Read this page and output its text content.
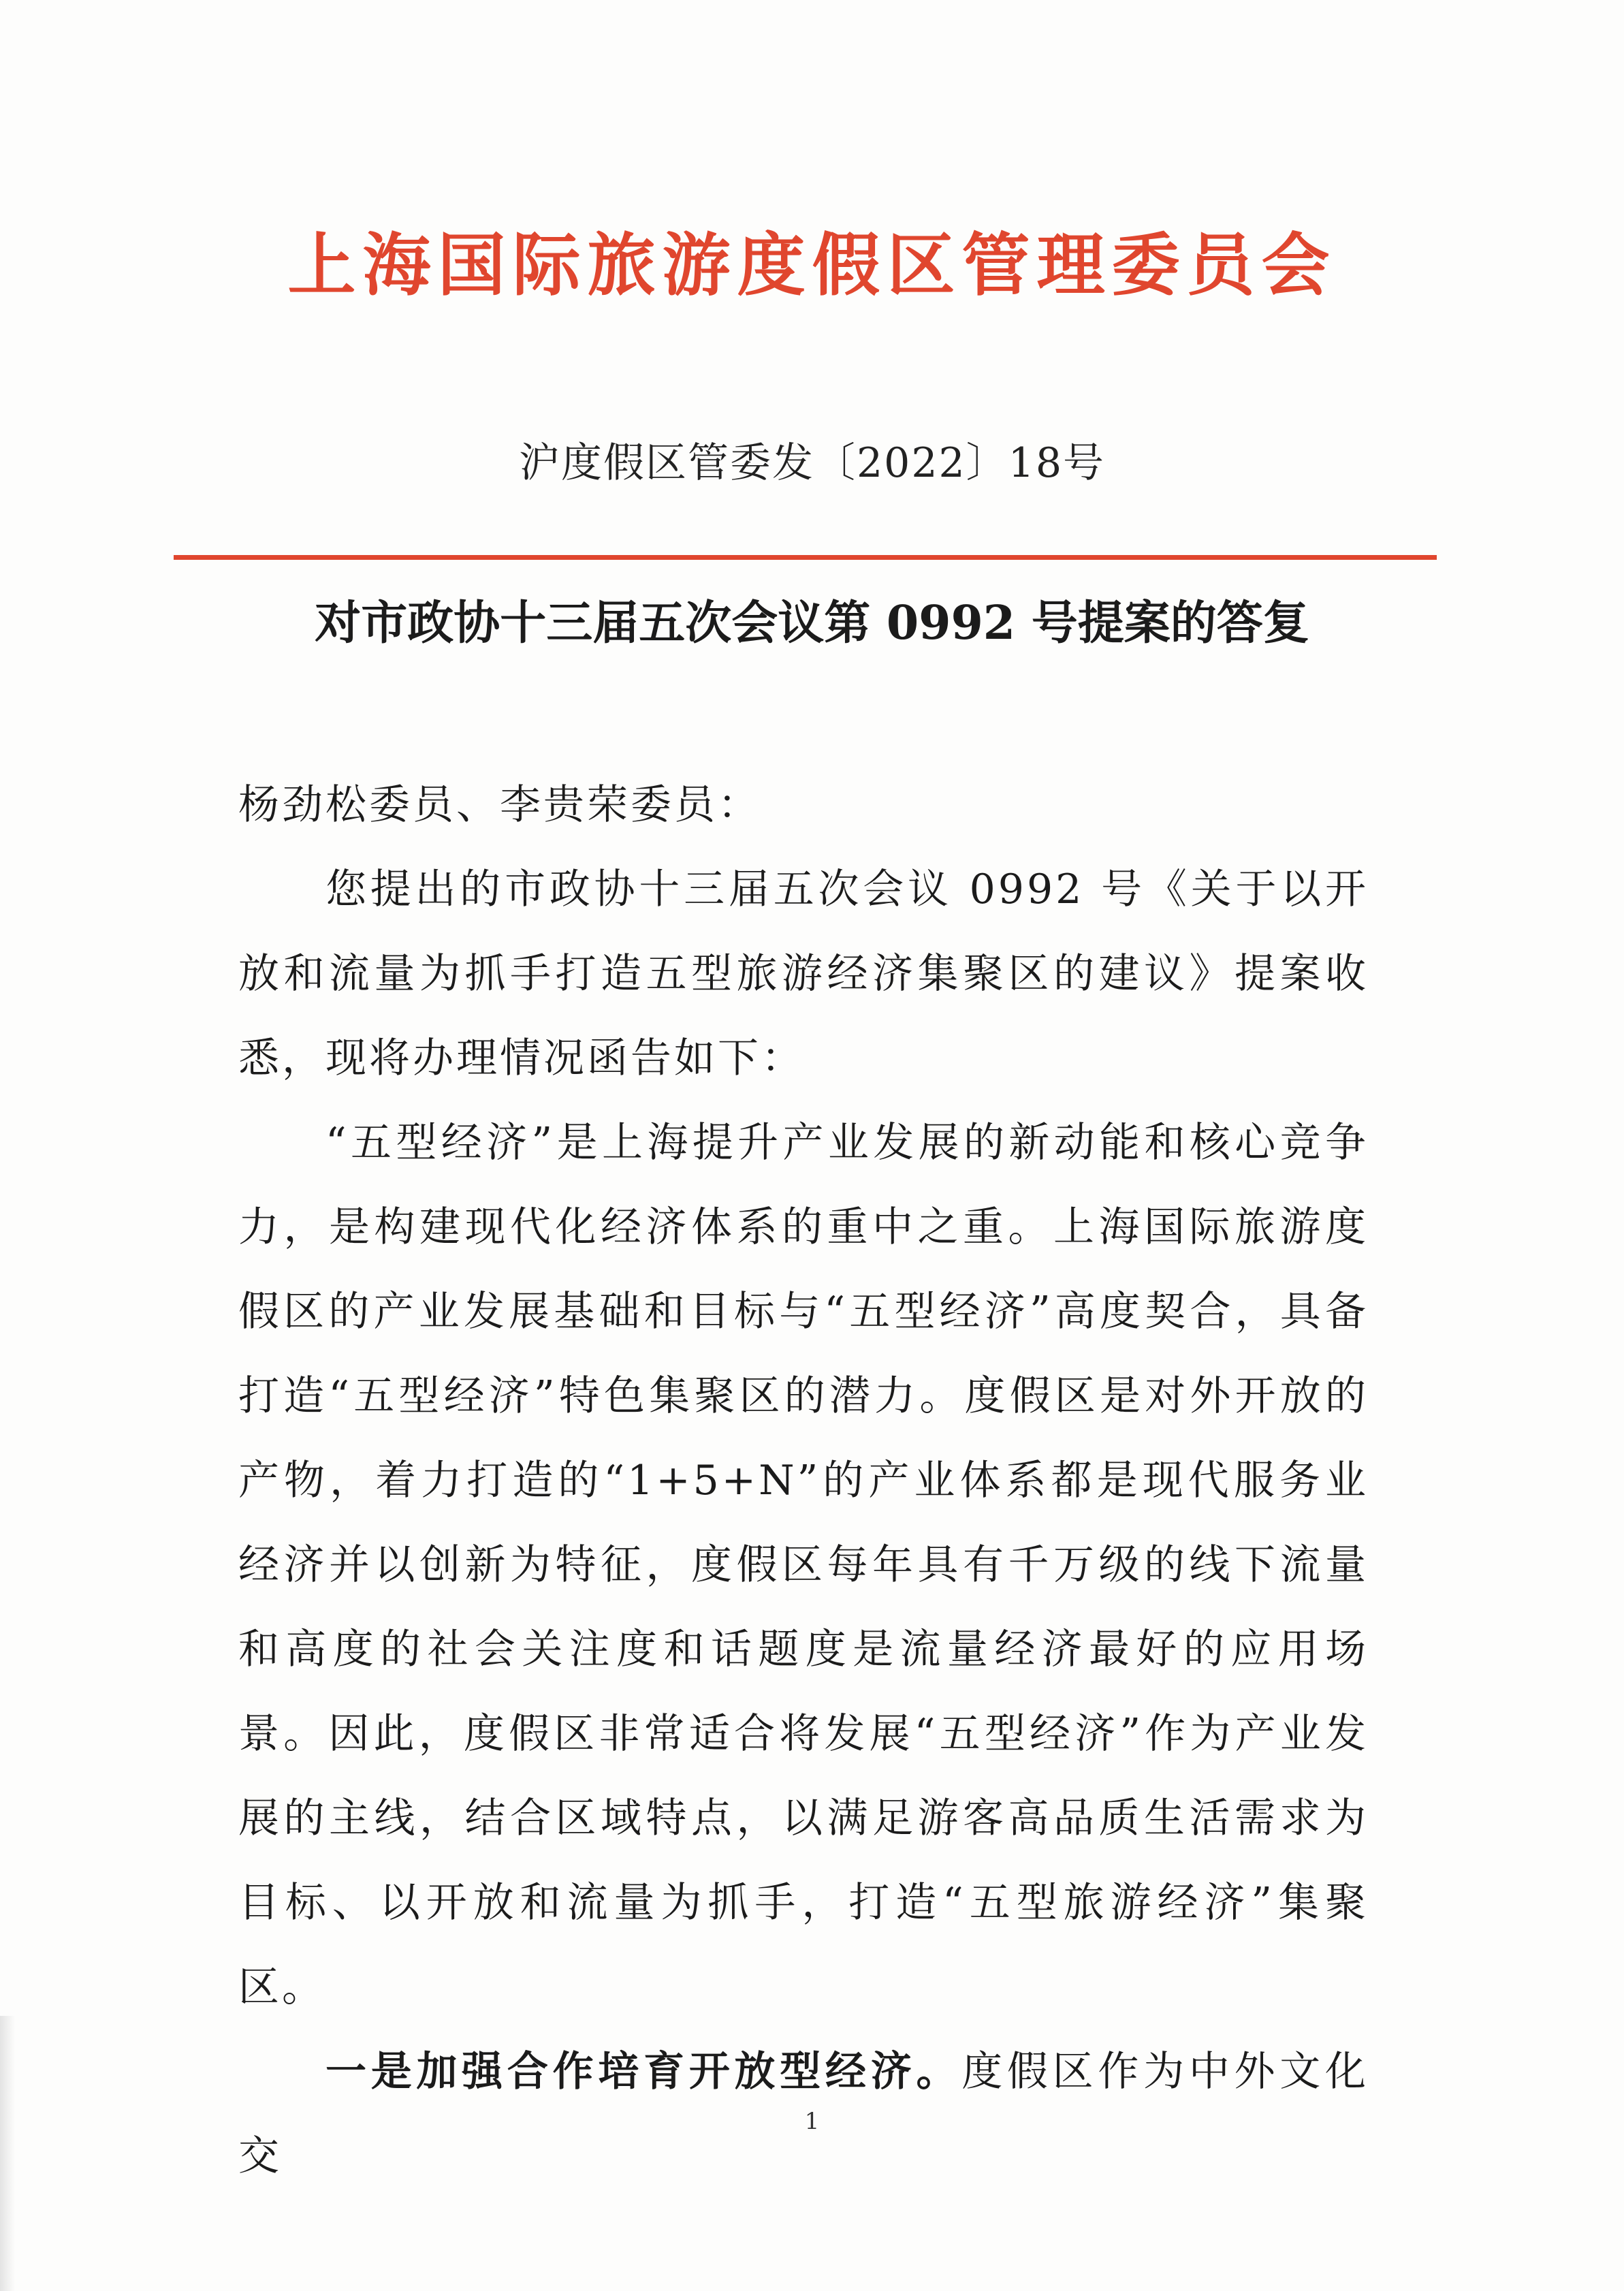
上海国际旅游度假区管理委员会
沪度假区管委发〔2022〕18号
对市政协十三届五次会议第 0992 号提案的答复

杨劲松委员、李贵荣委员：

您提出的市政协十三届五次会议 0992 号《关于以开放和流量为抓手打造五型旅游经济集聚区的建议》提案收悉，现将办理情况函告如下：

“五型经济”是上海提升产业发展的新动能和核心竞争力，是构建现代化经济体系的重中之重。上海国际旅游度假区的产业发展基础和目标与“五型经济”高度契合，具备打造“五型经济”特色集聚区的潜力。度假区是对外开放的产物，着力打造的“1+5+N”的产业体系都是现代服务业经济并以创新为特征，度假区每年具有千万级的线下流量和高度的社会关注度和话题度是流量经济最好的应用场景。因此，度假区非常适合将发展“五型经济”作为产业发展的主线，结合区域特点，以满足游客高品质生活需求为目标、以开放和流量为抓手，打造“五型旅游经济”集聚区。

一是加强合作培育开放型经济。度假区作为中外文化交

1
